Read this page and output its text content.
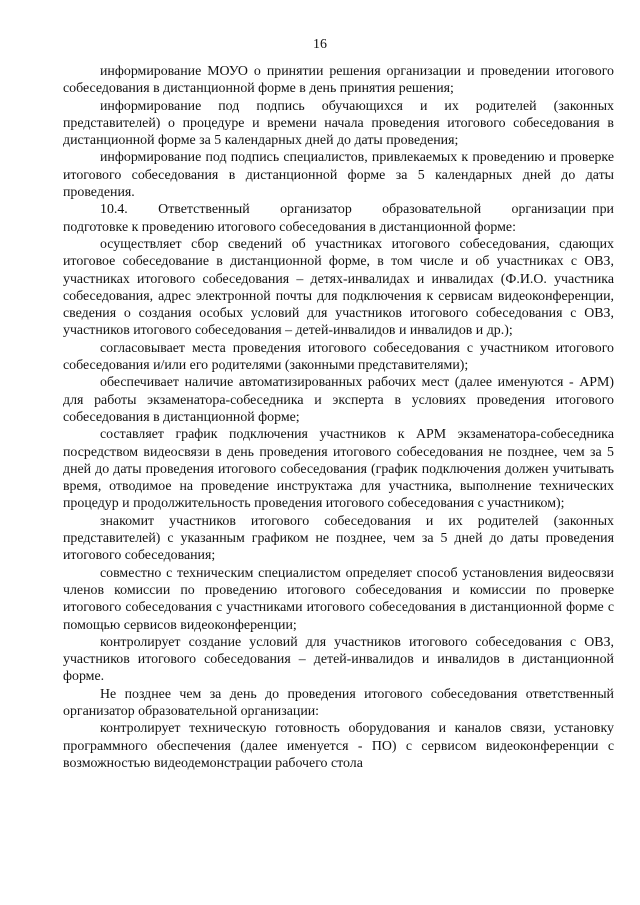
16

информирование МОУО о принятии решения организации и проведении итогового собеседования в дистанционной форме в день принятия решения;

информирование под подпись обучающихся и их родителей (законных представителей) о процедуре и времени начала проведения итогового собеседования в дистанционной форме за 5 календарных дней до даты проведения;

информирование под подпись специалистов, привлекаемых к проведению и проверке итогового собеседования в дистанционной форме за 5 календарных дней до даты проведения.

10.4.     Ответственный     организатор     образовательной     организации при подготовке к проведению итогового собеседования в дистанционной форме:

осуществляет сбор сведений об участниках итогового собеседования, сдающих итоговое собеседование в дистанционной форме, в том числе и об участниках с ОВЗ, участниках итогового собеседования – детях-инвалидах и инвалидах (Ф.И.О. участника собеседования, адрес электронной почты для подключения к сервисам видеоконференции, сведения о создания особых условий для участников итогового собеседования с ОВЗ, участников итогового собеседования – детей-инвалидов и инвалидов и др.);

согласовывает места проведения итогового собеседования с участником итогового собеседования и/или его родителями (законными представителями);

обеспечивает наличие автоматизированных рабочих мест (далее именуются - АРМ) для работы экзаменатора-собеседника и эксперта в условиях проведения итогового собеседования в дистанционной форме;

составляет график подключения участников к АРМ экзаменатора-собеседника посредством видеосвязи в день проведения итогового собеседования не позднее, чем за 5 дней до даты проведения итогового собеседования (график подключения должен учитывать время, отводимое на проведение инструктажа для участника, выполнение технических процедур и продолжительность проведения итогового собеседования с участником);

знакомит участников итогового собеседования и их родителей (законных представителей) с указанным графиком не позднее, чем за 5 дней до даты проведения итогового собеседования;

совместно с техническим специалистом определяет способ установления видеосвязи членов комиссии по проведению итогового собеседования и комиссии по проверке итогового собеседования с участниками итогового собеседования в дистанционной форме с помощью сервисов видеоконференции;

контролирует создание условий для участников итогового собеседования с ОВЗ, участников итогового собеседования – детей-инвалидов и инвалидов в дистанционной форме.

Не позднее чем за день до проведения итогового собеседования ответственный организатор образовательной организации:

контролирует техническую готовность оборудования и каналов связи, установку программного обеспечения (далее именуется - ПО) с сервисом видеоконференции с возможностью видеодемонстрации рабочего стола
